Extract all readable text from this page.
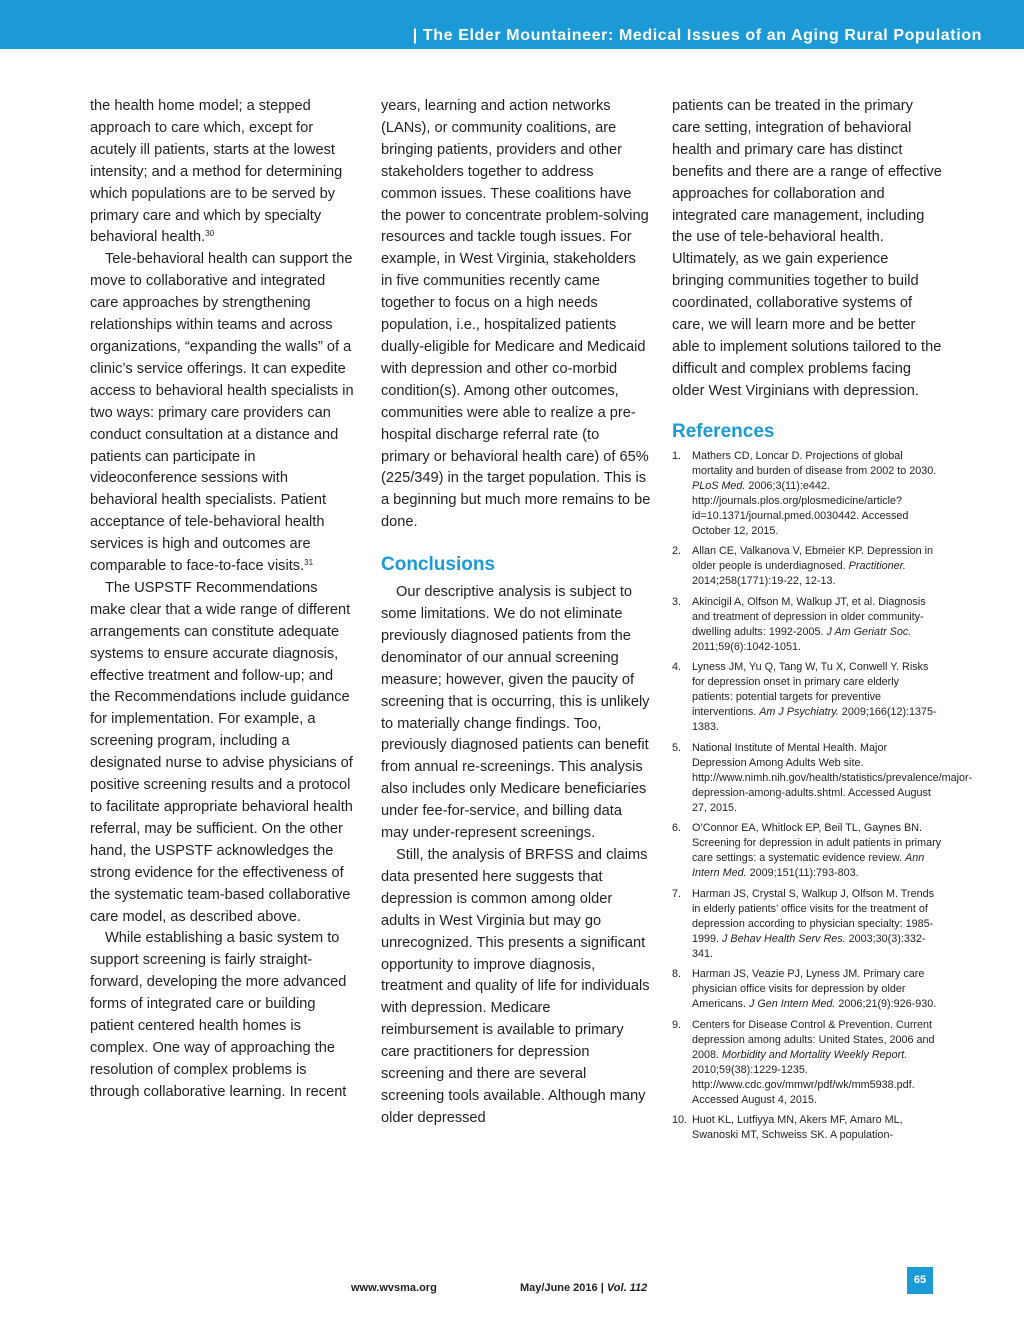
| The Elder Mountaineer: Medical Issues of an Aging Rural Population

the health home model; a stepped approach to care which, except for acutely ill patients, starts at the lowest intensity; and a method for determining which populations are to be served by primary care and which by specialty behavioral health.$^{30}$

Tele-behavioral health can support the move to collaborative and integrated care approaches by strengthening relationships within teams and across organizations, “expanding the walls” of a clinic’s service offerings. It can expedite access to behavioral health specialists in two ways: primary care providers can conduct consultation at a distance and patients can participate in videoconference sessions with behavioral health specialists. Patient acceptance of tele-behavioral health services is high and outcomes are comparable to face-to-face visits.$^{31}$

The USPSTF Recommendations make clear that a wide range of different arrangements can constitute adequate systems to ensure accurate diagnosis, effective treatment and follow-up; and the Recommendations include guidance for implementation. For example, a screening program, including a designated nurse to advise physicians of positive screening results and a protocol to facilitate appropriate behavioral health referral, may be sufficient. On the other hand, the USPSTF acknowledges the strong evidence for the effectiveness of the systematic team-based collaborative care model, as described above.

While establishing a basic system to support screening is fairly straight-forward, developing the more advanced forms of integrated care or building patient centered health homes is complex. One way of approaching the resolution of complex problems is through collaborative learning. In recent

years, learning and action networks (LANs), or community coalitions, are bringing patients, providers and other stakeholders together to address common issues. These coalitions have the power to concentrate problem-solving resources and tackle tough issues. For example, in West Virginia, stakeholders in five communities recently came together to focus on a high needs population, i.e., hospitalized patients dually-eligible for Medicare and Medicaid with depression and other co-morbid condition(s). Among other outcomes, communities were able to realize a pre-hospital discharge referral rate (to primary or behavioral health care) of 65% (225/349) in the target population. This is a beginning but much more remains to be done.

Conclusions

Our descriptive analysis is subject to some limitations. We do not eliminate previously diagnosed patients from the denominator of our annual screening measure; however, given the paucity of screening that is occurring, this is unlikely to materially change findings. Too, previously diagnosed patients can benefit from annual re-screenings. This analysis also includes only Medicare beneficiaries under fee-for-service, and billing data may under-represent screenings.

Still, the analysis of BRFSS and claims data presented here suggests that depression is common among older adults in West Virginia but may go unrecognized. This presents a significant opportunity to improve diagnosis, treatment and quality of life for individuals with depression. Medicare reimbursement is available to primary care practitioners for depression screening and there are several screening tools available. Although many older depressed

patients can be treated in the primary care setting, integration of behavioral health and primary care has distinct benefits and there are a range of effective approaches for collaboration and integrated care management, including the use of tele-behavioral health. Ultimately, as we gain experience bringing communities together to build coordinated, collaborative systems of care, we will learn more and be better able to implement solutions tailored to the difficult and complex problems facing older West Virginians with depression.

References
1.	Mathers CD, Loncar D. Projections of global mortality and burden of disease from 2002 to 2030. PLoS Med. 2006;3(11):e442. http://journals.plos.org/plosmedicine/article?id=10.1371/journal.pmed.0030442. Accessed October 12, 2015.
2.	Allan CE, Valkanova V, Ebmeier KP. Depression in older people is underdiagnosed. Practitioner. 2014;258(1771):19-22, 12-13.
3.	Akincigil A, Olfson M, Walkup JT, et al. Diagnosis and treatment of depression in older community-dwelling adults: 1992-2005. J Am Geriatr Soc. 2011;59(6):1042-1051.
4.	Lyness JM, Yu Q, Tang W, Tu X, Conwell Y. Risks for depression onset in primary care elderly patients: potential targets for preventive interventions. Am J Psychiatry. 2009;166(12):1375-1383.
5.	National Institute of Mental Health. Major Depression Among Adults Web site. http://www.nimh.nih.gov/health/statistics/prevalence/major-depression-among-adults.shtml. Accessed August 27, 2015.
6.	O’Connor EA, Whitlock EP, Beil TL, Gaynes BN. Screening for depression in adult patients in primary care settings: a systematic evidence review. Ann Intern Med. 2009;151(11):793-803.
7.	Harman JS, Crystal S, Walkup J, Olfson M. Trends in elderly patients’ office visits for the treatment of depression according to physician specialty: 1985-1999. J Behav Health Serv Res. 2003;30(3):332-341.
8.	Harman JS, Veazie PJ, Lyness JM. Primary care physician office visits for depression by older Americans. J Gen Intern Med. 2006;21(9):926-930.
9.	Centers for Disease Control & Prevention. Current depression among adults: United States, 2006 and 2008. Morbidity and Mortality Weekly Report. 2010;59(38):1229-1235. http://www.cdc.gov/mmwr/pdf/wk/mm5938.pdf. Accessed August 4, 2015.
10. Huot KL, Lutfiyya MN, Akers MF, Amaro ML, Swanoski MT, Schweiss SK. A population-
www.wvsma.org	May/June 2016 | Vol. 112
65
